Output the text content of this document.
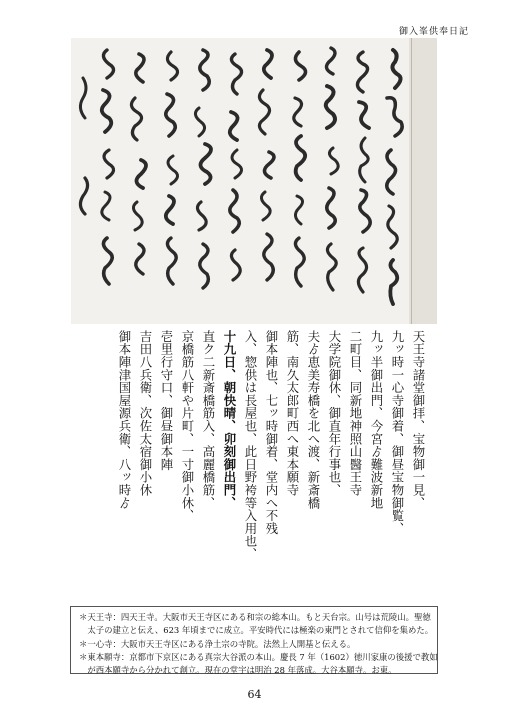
御入峯供奉日記
天王寺諸堂御拝、宝物御一見、
九ッ時一心寺御着、御昼宝物御覧、
九ッ半御出門、今宮ゟ難波新地
二町目、同新地神照山醫王寺
大学院御休、御直年行事也、
夫ゟ恵美寿橋を北へ渡、新斎橋
筋、南久太郎町西へ東本願寺
御本陣也、七ッ時御着、堂内へ不残
入、惣供は長屋也、此日野袴等入用也、
十九日、朝快晴、卯刻御出門、
直ク二新斎橋筋入、高麗橋筋、
京橋筋八軒や片町、一寸御小休、
壱里行守口、御昼御本陣
吉田八兵衛、次佐太宿御小休
御本陣津国屋源兵衛、八ッ時ゟ
＊天王寺：四天王寺。大阪市天王寺区にある和宗の総本山。もと天台宗。山号は荒陵山。聖徳
　太子の建立と伝え、623 年頃までに成立。平安時代には極楽の東門とされて信仰を集めた。
＊一心寺：大阪市天王寺区にある浄土宗の寺院。法然上人開基と伝える。
＊東本願寺：京都市下京区にある真宗大谷派の本山。慶長 7 年（1602）徳川家康の後援で教如
　が西本願寺から分かれて創立。現在の堂宇は明治 28 年落成。大谷本願寺。お東。
64
